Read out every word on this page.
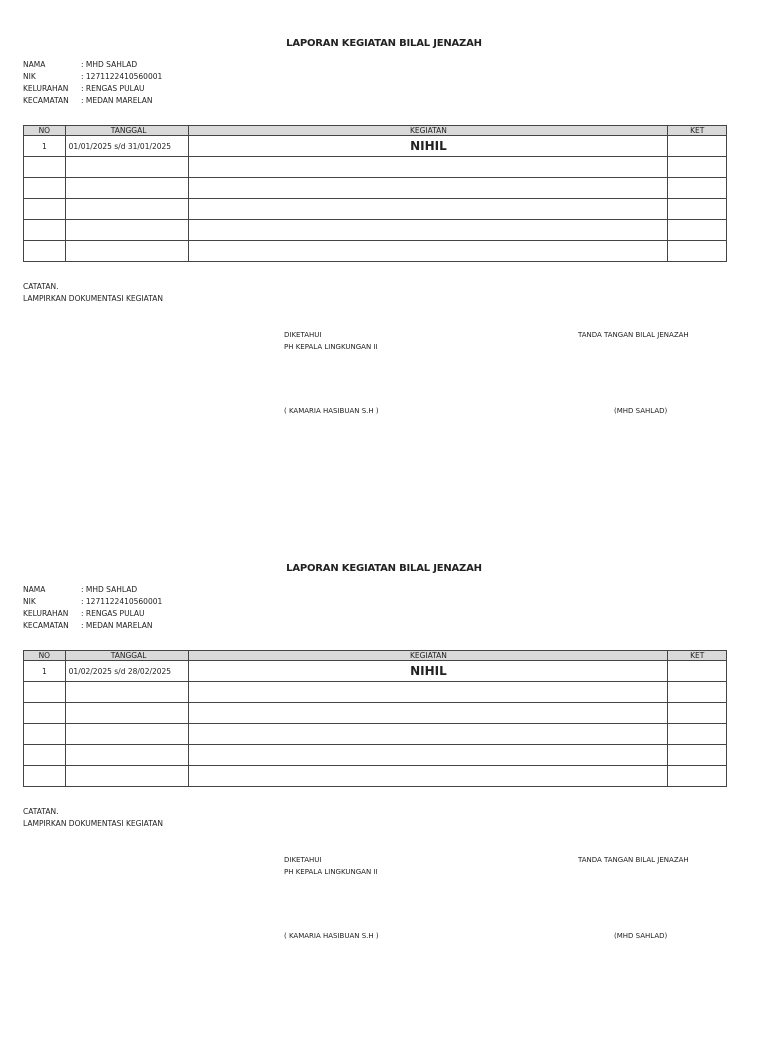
LAPORAN KEGIATAN BILAL JENAZAH
NAMA	: MHD SAHLAD
NIK	: 1271122410560001
KELURAHAN	: RENGAS PULAU
KECAMATAN	: MEDAN MARELAN
NO	TANGGAL	KEGIATAN	KET
1	01/01/2025 s/d 31/01/2025	NIHIL	

CATATAN.
LAMPIRKAN DOKUMENTASI KEGIATAN
DIKETAHUI
PH KEPALA LINGKUNGAN II
TANDA TANGAN BILAL JENAZAH
( KAMARIA HASIBUAN S.H )	(MHD SAHLAD)
LAPORAN KEGIATAN BILAL JENAZAH
NAMA	: MHD SAHLAD
NIK	: 1271122410560001
KELURAHAN	: RENGAS PULAU
KECAMATAN	: MEDAN MARELAN
NO	TANGGAL	KEGIATAN	KET
1	01/02/2025 s/d 28/02/2025	NIHIL	

CATATAN.
LAMPIRKAN DOKUMENTASI KEGIATAN
DIKETAHUI
PH KEPALA LINGKUNGAN II
TANDA TANGAN BILAL JENAZAH
( KAMARIA HASIBUAN S.H )	(MHD SAHLAD)
